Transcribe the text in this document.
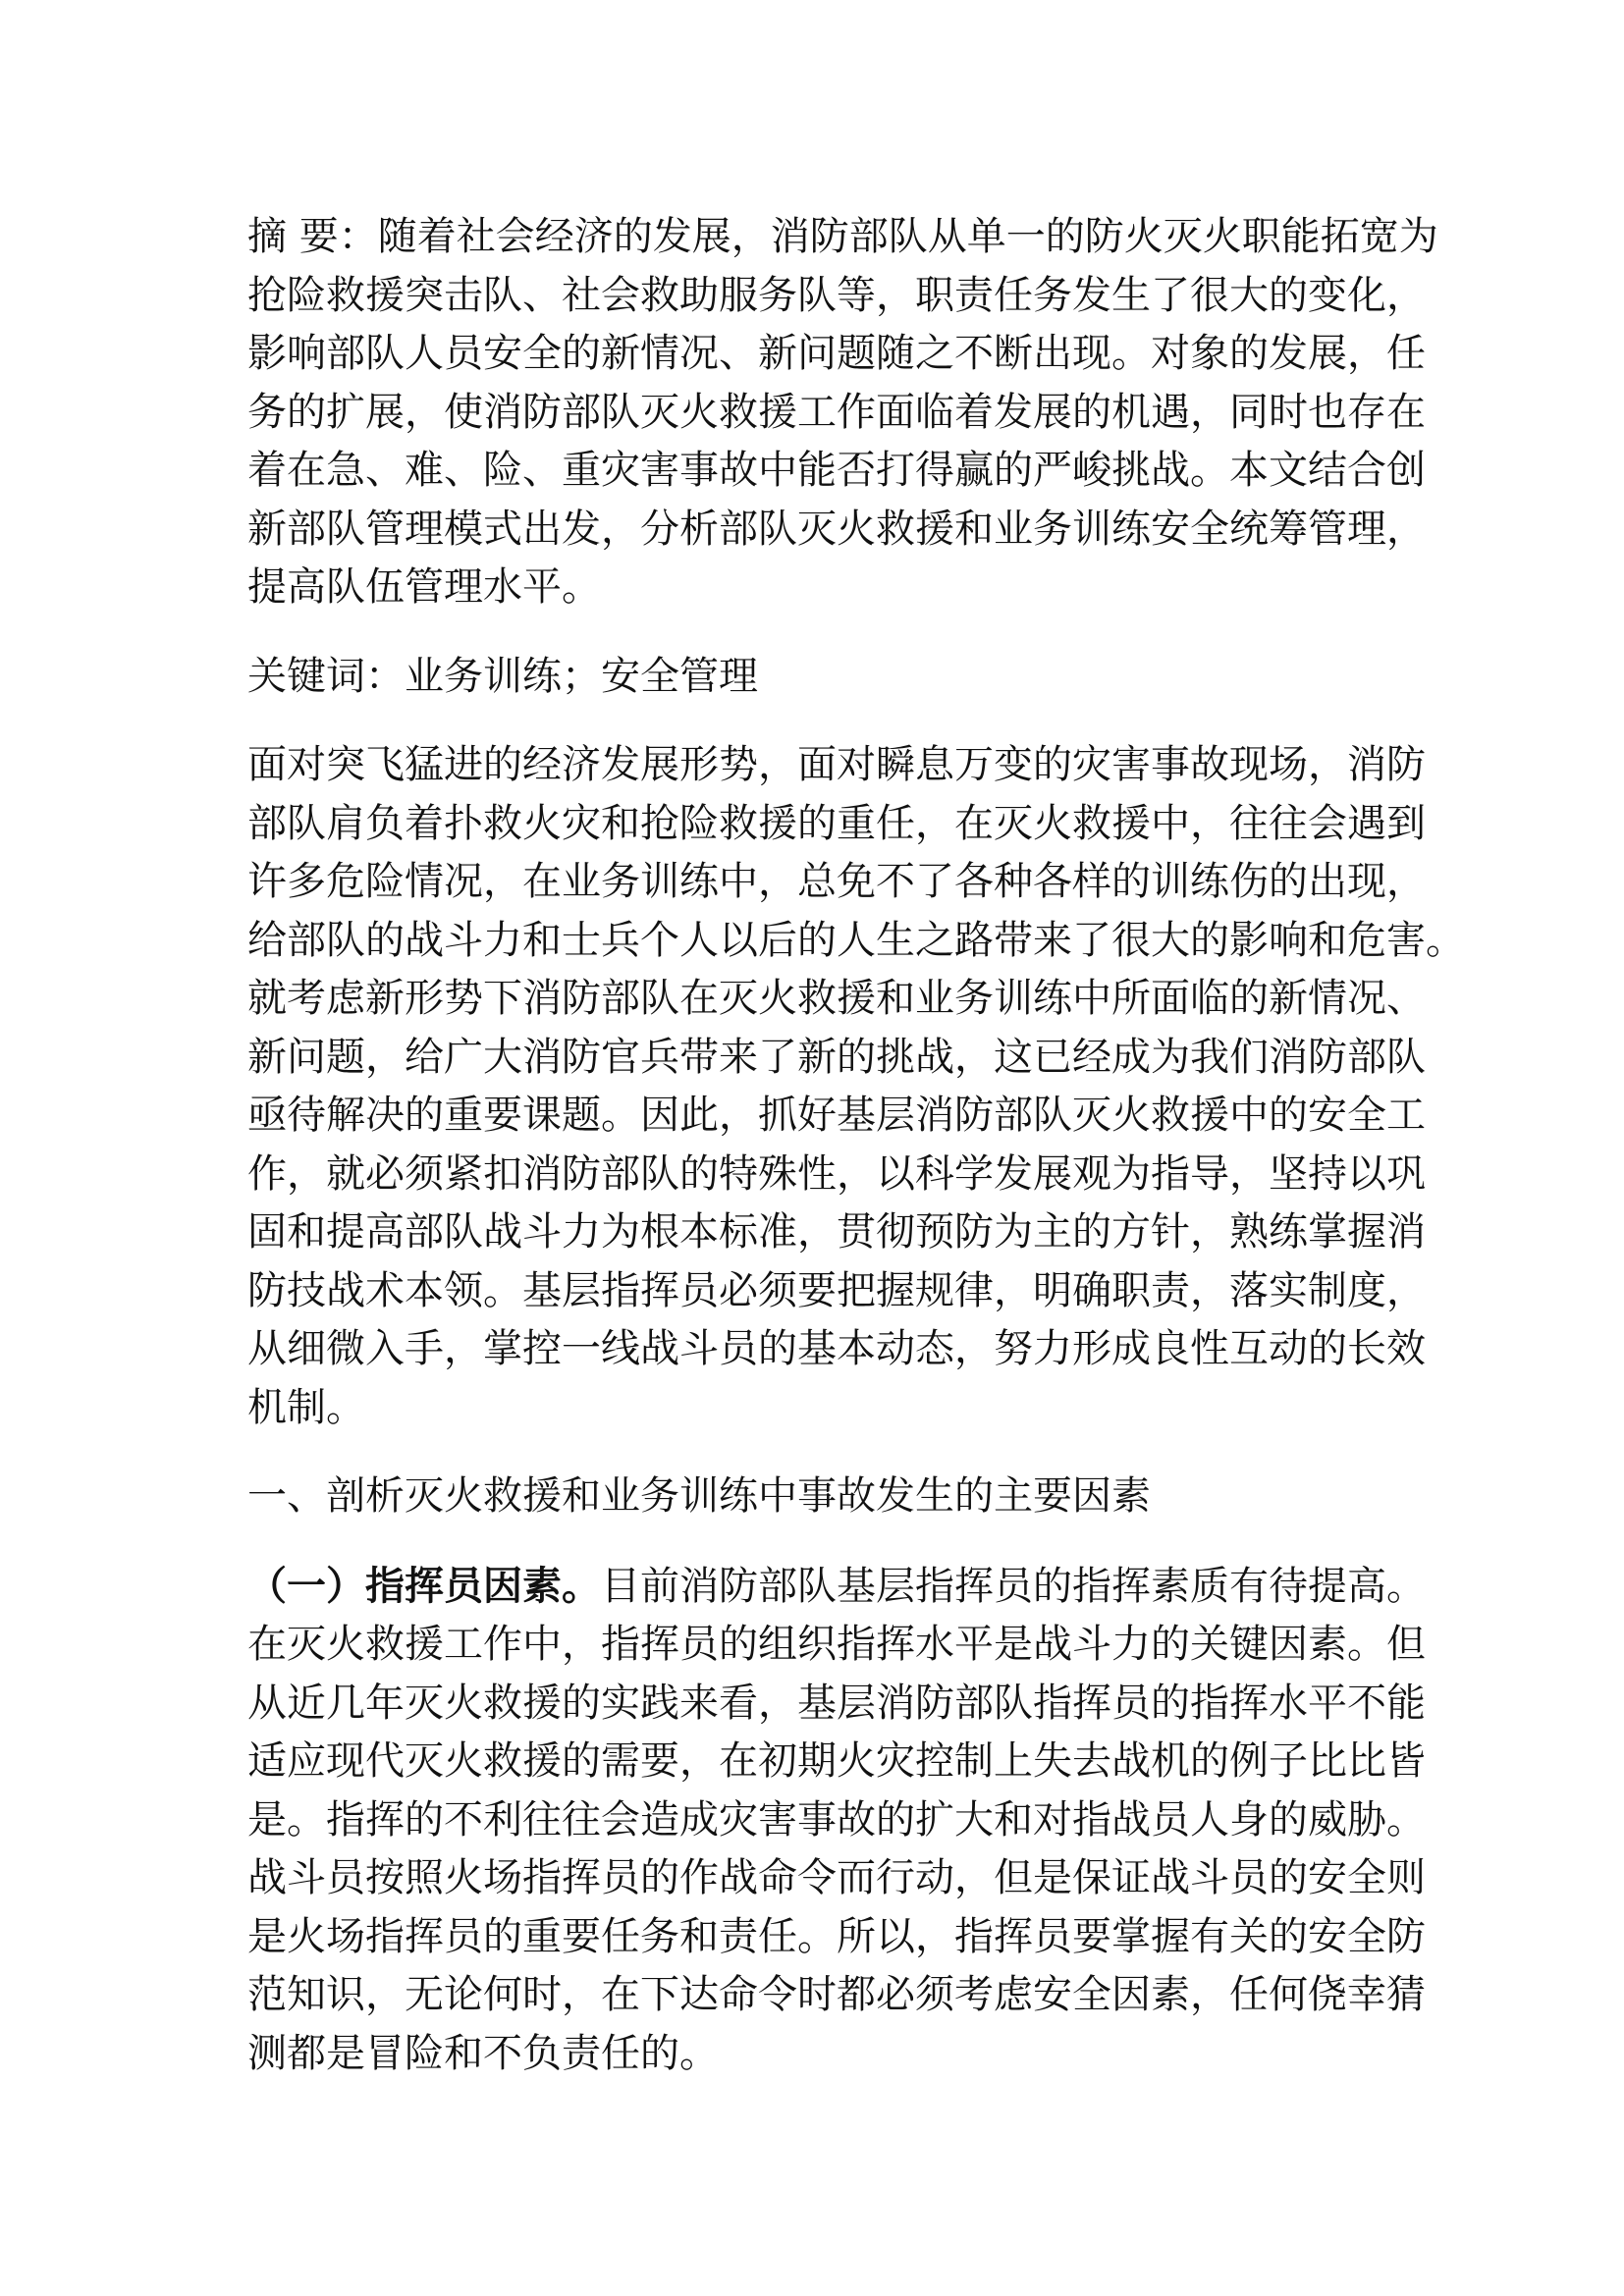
摘 要：随着社会经济的发展，消防部队从单一的防火灭火职能拓宽为
抢险救援突击队、社会救助服务队等，职责任务发生了很大的变化，
影响部队人员安全的新情况、新问题随之不断出现。对象的发展，任
务的扩展，使消防部队灭火救援工作面临着发展的机遇，同时也存在
着在急、难、险、重灾害事故中能否打得赢的严峻挑战。本文结合创
新部队管理模式出发，分析部队灭火救援和业务训练安全统筹管理，
提高队伍管理水平。
关键词：业务训练；安全管理
面对突飞猛进的经济发展形势，面对瞬息万变的灾害事故现场，消防
部队肩负着扑救火灾和抢险救援的重任，在灭火救援中，往往会遇到
许多危险情况，在业务训练中，总免不了各种各样的训练伤的出现，
给部队的战斗力和士兵个人以后的人生之路带来了很大的影响和危害。
就考虑新形势下消防部队在灭火救援和业务训练中所面临的新情况、
新问题，给广大消防官兵带来了新的挑战，这已经成为我们消防部队
亟待解决的重要课题。因此，抓好基层消防部队灭火救援中的安全工
作，就必须紧扣消防部队的特殊性，以科学发展观为指导，坚持以巩
固和提高部队战斗力为根本标准，贯彻预防为主的方针，熟练掌握消
防技战术本领。基层指挥员必须要把握规律，明确职责，落实制度，
从细微入手，掌控一线战斗员的基本动态，努力形成良性互动的长效
机制。
一、剖析灭火救援和业务训练中事故发生的主要因素
（一）指挥员因素。目前消防部队基层指挥员的指挥素质有待提高。
在灭火救援工作中，指挥员的组织指挥水平是战斗力的关键因素。但
从近几年灭火救援的实践来看，基层消防部队指挥员的指挥水平不能
适应现代灭火救援的需要，在初期火灾控制上失去战机的例子比比皆
是。指挥的不利往往会造成灾害事故的扩大和对指战员人身的威胁。
战斗员按照火场指挥员的作战命令而行动，但是保证战斗员的安全则
是火场指挥员的重要任务和责任。所以，指挥员要掌握有关的安全防
范知识，无论何时，在下达命令时都必须考虑安全因素，任何侥幸猜
测都是冒险和不负责任的。
